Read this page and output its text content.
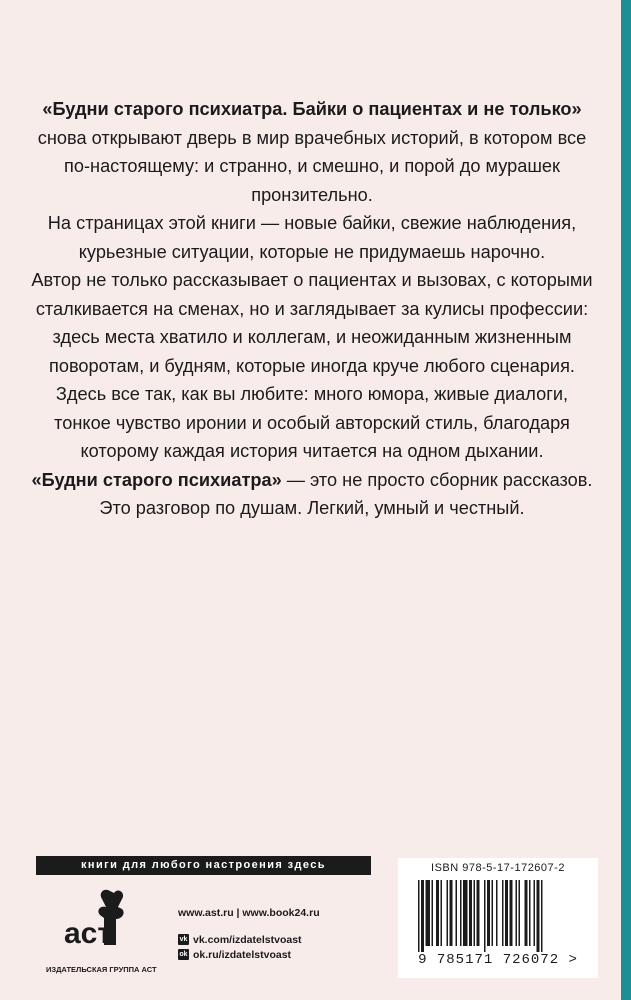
«Будни старого психиатра. Байки о пациентах и не только» снова открывают дверь в мир врачебных историй, в котором все по-настоящему: и странно, и смешно, и порой до мурашек пронзительно.

На страницах этой книги — новые байки, свежие наблюдения, курьезные ситуации, которые не придумаешь нарочно.

Автор не только рассказывает о пациентах и вызовах, с которыми сталкивается на сменах, но и заглядывает за кулисы профессии: здесь места хватило и коллегам, и неожиданным жизненным поворотам, и будням, которые иногда круче любого сценария.

Здесь все так, как вы любите: много юмора, живые диалоги, тонкое чувство иронии и особый авторский стиль, благодаря которому каждая история читается на одном дыхании.

«Будни старого психиатра» — это не просто сборник рассказов. Это разговор по душам. Легкий, умный и честный.

книги для любого настроения здесь
аст
ИЗДАТЕЛЬСКАЯ ГРУППА АСТ
www.ast.ru | www.book24.ru
vk vk.com/izdatelstvoast
ok ok.ru/izdatelstvoast
ISBN 978-5-17-172607-2
9 785171 726072 >
